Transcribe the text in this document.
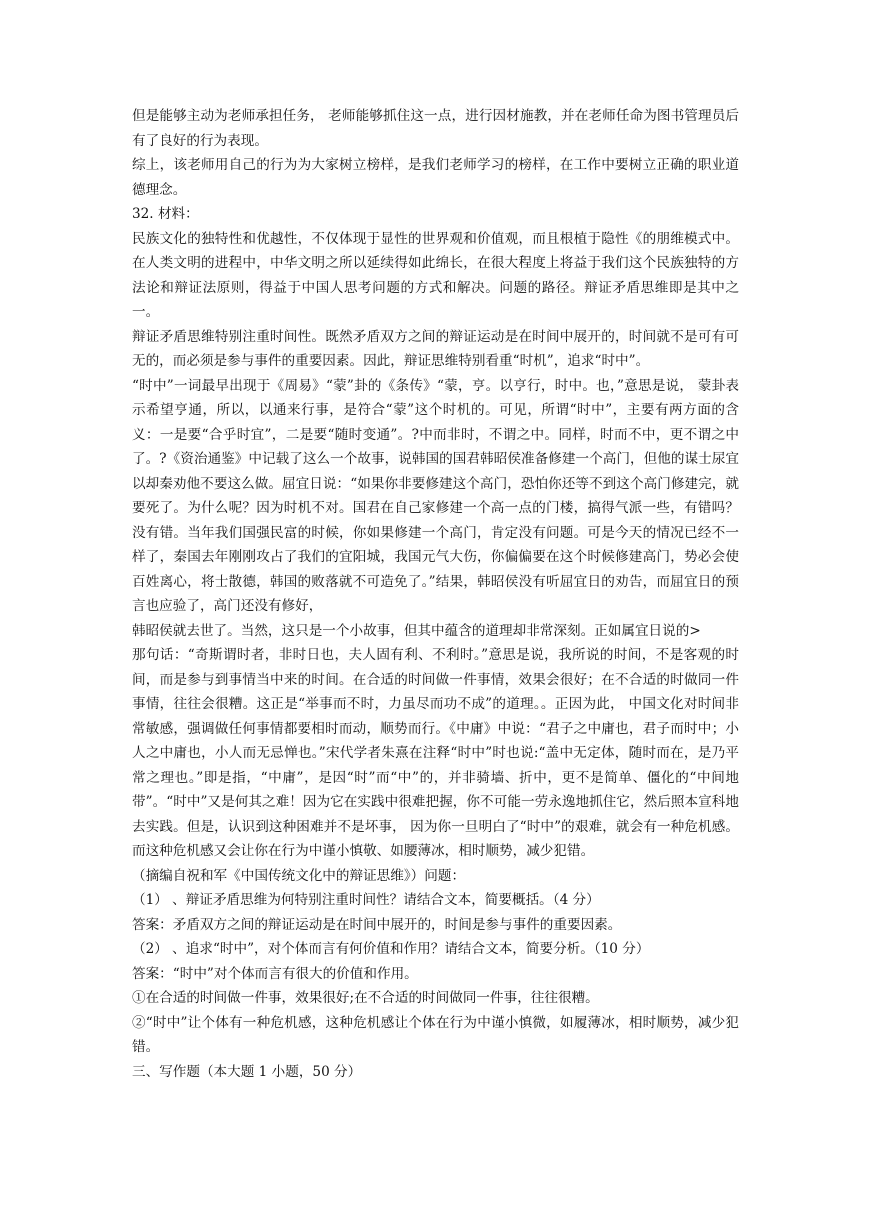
但是能够主动为老师承担任务， 老师能够抓住这一点，进行因材施教，并在老师任命为图书管理员后有了良好的行为表现。

综上，该老师用自己的行为为大家树立榜样，是我们老师学习的榜样，在工作中要树立正确的职业道德理念。

32. 材料：

民族文化的独特性和优越性，不仅体现于显性的世界观和价值观，而且根植于隐性《的朋维模式中。在人类文明的进程中，中华文明之所以延续得如此绵长，在很大程度上将益于我们这个民族独特的方法论和辩证法原则，得益于中国人思考问题的方式和解决。问题的路径。辩证矛盾思维即是其中之一。

辩证矛盾思维特别注重时间性。既然矛盾双方之间的辩证运动是在时间中展开的，时间就不是可有可无的，而必须是参与事件的重要因素。因此，辩证思维特别看重“时机”，追求“时中”。

“时中”一词最早出现于《周易》“蒙”卦的《条传》“蒙，亨。以亨行，时中。也，”意思是说， 蒙卦表示希望亨通，所以，以通来行事，是符合“蒙”这个时机的。可见，所谓“时中”，主要有两方面的含义：一是要“合乎时宜”，二是要“随时变通”。?中而非时，不谓之中。同样，时而不中，更不谓之中了。?《资治通鉴》中记载了这么一个故事，说韩国的国君韩昭侯准备修建一个高门，但他的谋士尿宜以却秦劝他不要这么做。屈宜日说：“如果你非要修建这个高门，恐怕你还等不到这个高门修建完，就要死了。为什么呢？因为时机不对。国君在自己家修建一个高一点的门楼，搞得气派一些，有错吗？没有错。当年我们国强民富的时候，你如果修建一个高门，肯定没有问题。可是今天的情况已经不一样了，秦国去年刚刚攻占了我们的宜阳城，我国元气大伤，你偏偏要在这个时候修建高门，势必会使百姓离心，将士散德，韩国的败落就不可造免了。”结果，韩昭侯没有听屈宜日的劝告，而屈宜日的预言也应验了，高门还没有修好，

韩昭侯就去世了。当然，这只是一个小故事，但其中蕴含的道理却非常深刻。正如属宜日说的>

那句话：“奇斯谓时者，非时日也，夫人固有利、不利时。”意思是说，我所说的时间，不是客观的时间，而是参与到事情当中来的时间。在合适的时间做一件事情，效果会很好；在不合适的时做同一件事情，往往会很糟。这正是“举事而不时，力虽尽而功不成”的道理。。正因为此， 中国文化对时间非常敏感，强调做任何事情都要相时而动，顺势而行。《中庸》中说：“君子之中庸也，君子而时中；小人之中庸也，小人而无忌惮也。”宋代学者朱熹在注释“时中”时也说:“盖中无定体，随时而在，是乃平常之理也。”即是指，“中庸”，是因“时”而“中”的，并非骑墙、折中，更不是简单、僵化的“中间地带”。“时中”又是何其之难！因为它在实践中很难把握，你不可能一劳永逸地抓住它，然后照本宣科地去实践。但是，认识到这种困难并不是坏事， 因为你一旦明白了“时中”的艰难，就会有一种危机感。而这种危机感又会让你在行为中谨小慎敬、如腰薄冰，相时顺势，减少犯错。

（摘编自祝和军《中国传统文化中的辩证思维》）问题：

（1） 、辩证矛盾思维为何特别注重时间性？请结合文本，简要概括。（4 分）

答案：矛盾双方之间的辩证运动是在时间中展开的，时间是参与事件的重要因素。

（2） 、追求“时中”，对个体而言有何价值和作用？请结合文本，简要分析。（10 分）

答案：“时中”对个体而言有很大的价值和作用。

①在合适的时间做一件事，效果很好;在不合适的时间做同一件事，往往很糟。

②“时中”让个体有一种危机感，这种危机感让个体在行为中谨小慎微，如履薄冰，相时顺势，减少犯错。

三、写作题（本大题 1 小题，50 分）
